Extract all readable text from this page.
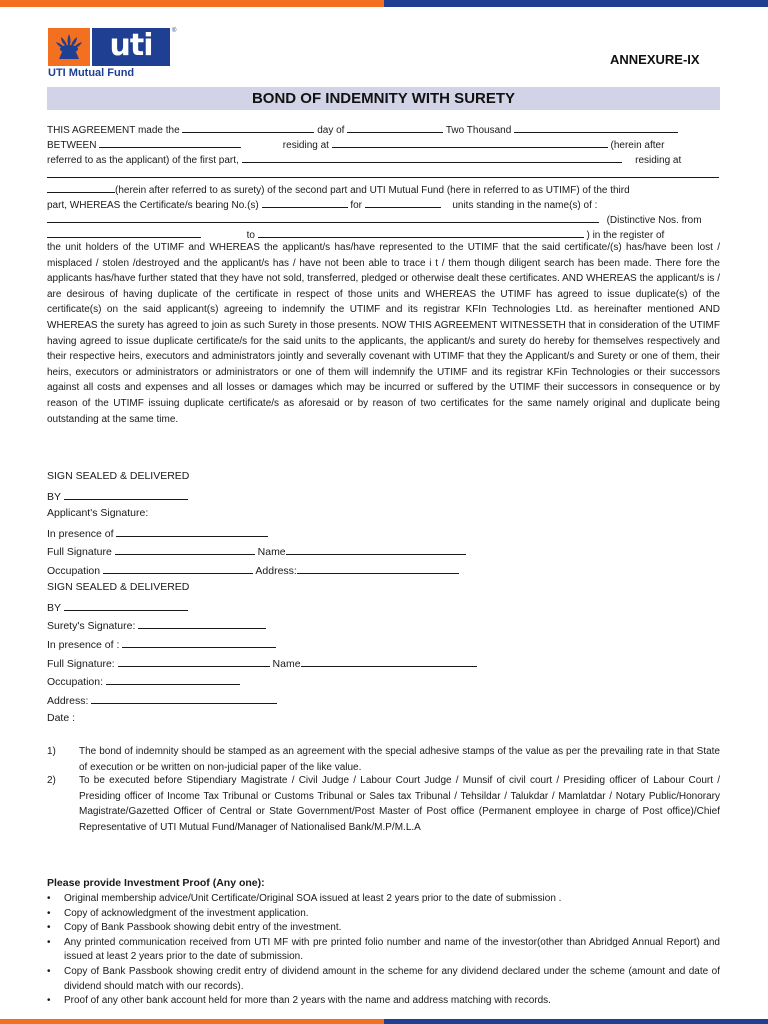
uti	®
UTI Mutual Fund
ANNEXURE-IX
BOND OF INDEMNITY WITH SURETY
THIS AGREEMENT made the	day of	Two Thousand
BETWEEN	residing at	(herein after
referred to as the applicant) of the first part,	residing at
(herein after referred to as surety) of the second part and UTI Mutual Fund (here in referred to as UTIMF) of the third
part, WHEREAS the Certificate/s bearing No.(s)	for	units standing in the name(s) of :
(Distinctive Nos. from
to	) in the register of
the unit holders of the UTIMF and WHEREAS the applicant/s has/have represented to the UTIMF that the said certificate/(s) has/have been lost / misplaced / stolen /destroyed and the applicant/s has / have not been able to trace i t / them though diligent search has been made. There fore the applicants has/have further stated that they have not sold, transferred, pledged or otherwise dealt these certificates. AND WHEREAS the applicant/s is / are desirous of having duplicate of the certificate in respect of those units and WHEREAS the UTIMF has agreed to issue duplicate(s) of the certificate(s) on the said applicant(s) agreeing to indemnify the UTIMF and its registrar KFIn Technologies Ltd. as hereinafter mentioned AND WHEREAS the surety has agreed to join as such Surety in those presents. NOW THIS AGREEMENT WITNESSETH that in consideration of the UTIMF having agreed to issue duplicate certificate/s for the said units to the applicants, the applicant/s and surety do hereby for themselves respectively and their respective heirs, executors and administrators jointly and severally covenant with UTIMF that they the Applicant/s and Surety or one of them, their heirs, executors or administrators or administrators or one of them will indemnify the UTIMF and its registrar KFin Technologies or their successors against all costs and expenses and all losses or damages which may be incurred or suffered by the UTIMF their successors in consequence or by reason of the UTIMF issuing duplicate certificate/s as aforesaid or by reason of two certificates for the same namely original and duplicate being outstanding at the same time.
SIGN SEALED & DELIVERED
BY
Applicant's Signature:
In presence of
Full Signature	Name
Occupation	Address:
SIGN SEALED & DELIVERED
BY
Surety's Signature:
In presence of :
Full Signature:	Name
Occupation:
Address:
Date :
1) The bond of indemnity should be stamped as an agreement with the special adhesive stamps of the value as per the prevailing rate in that State of execution or be written on non-judicial paper of the like value.
2) To be executed before Stipendiary Magistrate / Civil Judge / Labour Court Judge / Munsif of civil court / Presiding officer of Labour Court / Presiding officer of Income Tax Tribunal or Customs Tribunal or Sales tax Tribunal / Tehsildar / Talukdar / Mamlatdar / Notary Public/Honorary Magistrate/Gazetted Officer of Central or State Government/Post Master of Post office (Permanent employee in charge of Post office)/Chief Representative of UTI Mutual Fund/Manager of Nationalised Bank/M.P/M.L.A
Please provide Investment Proof (Any one):
• Original membership advice/Unit Certificate/Original SOA issued at least 2 years prior to the date of submission .
• Copy of acknowledgment of the investment application.
• Copy of Bank Passbook showing debit entry of the investment.
• Any printed communication received from UTI MF with pre printed folio number and name of the investor(other than Abridged Annual Report) and issued at least 2 years prior to the date of submission.
• Copy of Bank Passbook showing credit entry of dividend amount in the scheme for any dividend declared under the scheme (amount and date of dividend should match with our records).
• Proof of any other bank account held for more than 2 years with the name and address matching with records.
